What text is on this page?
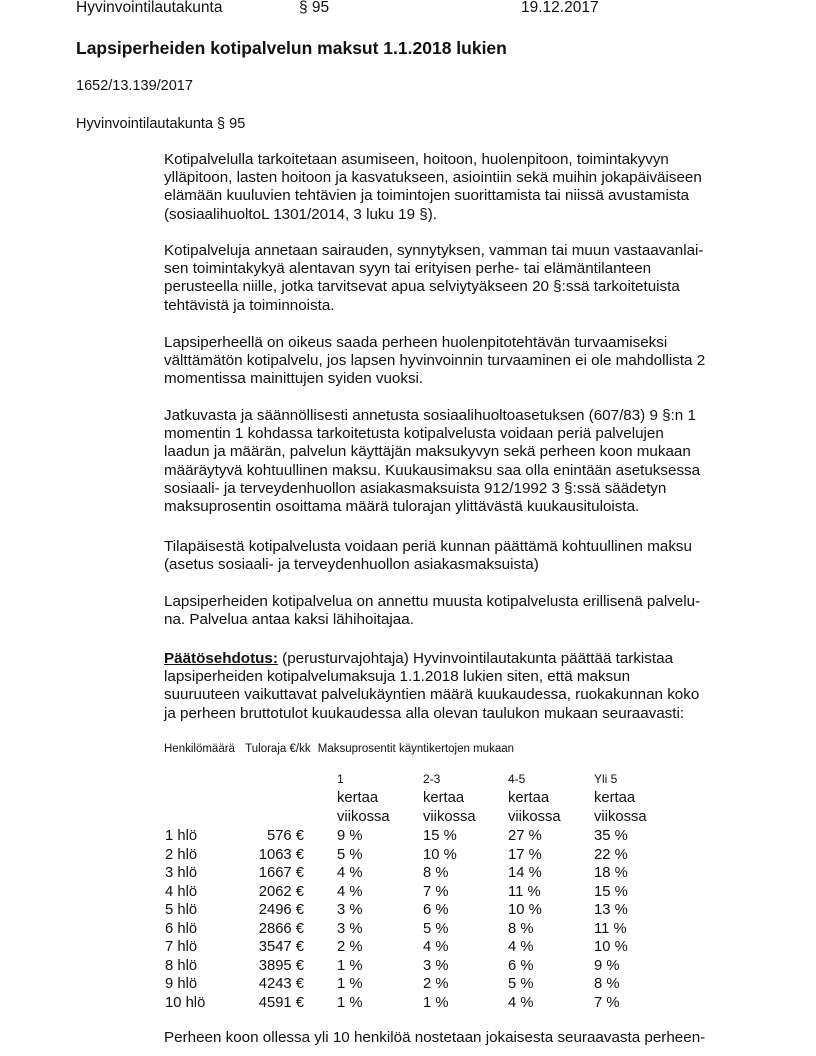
Hyvinvointilautakunta	§ 95	19.12.2017
Lapsiperheiden kotipalvelun maksut 1.1.2018 lukien
1652/13.139/2017
Hyvinvointilautakunta § 95

Kotipalvelulla tarkoitetaan asumiseen, hoitoon, huolenpitoon, toimintakyvyn
ylläpitoon, lasten hoitoon ja kasvatukseen, asiointiin sekä muihin jokapäiväiseen
elämään kuuluvien tehtävien ja toimintojen suorittamista tai niissä avustamista
(sosiaalihuoltoL 1301/2014, 3 luku 19 §).

Kotipalveluja annetaan sairauden, synnytyksen, vamman tai muun vastaavanlai-
sen toimintakykyä alentavan syyn tai erityisen perhe- tai elämäntilanteen
perusteella niille, jotka tarvitsevat apua selviytyäkseen 20 §:ssä tarkoitetuista
tehtävistä ja toiminnoista.

Lapsiperheellä on oikeus saada perheen huolenpitotehtävän turvaamiseksi
välttämätön kotipalvelu, jos lapsen hyvinvoinnin turvaaminen ei ole mahdollista 2
momentissa mainittujen syiden vuoksi.

Jatkuvasta ja säännöllisesti annetusta sosiaalihuoltoasetuksen (607/83) 9 §:n 1
momentin 1 kohdassa tarkoitetusta kotipalvelusta voidaan periä palvelujen
laadun ja määrän, palvelun käyttäjän maksukyvyn sekä perheen koon mukaan
määräytyvä kohtuullinen maksu. Kuukausimaksu saa olla enintään asetuksessa
sosiaali- ja terveydenhuollon asiakasmaksuista 912/1992 3 §:ssä säädetyn
maksuprosentin osoittama määrä tulorajan ylittävästä kuukausituloista.

Tilapäisestä kotipalvelusta voidaan periä kunnan päättämä kohtuullinen maksu
(asetus sosiaali- ja terveydenhuollon asiakasmaksuista)

Lapsiperheiden kotipalvelua on annettu muusta kotipalvelusta erillisenä palvelu-
na. Palvelua antaa kaksi lähihoitajaa.

Päätösehdotus: (perusturvajohtaja) Hyvinvointilautakunta päättää tarkistaa
lapsiperheiden kotipalvelumaksuja 1.1.2018 lukien siten, että maksun
suuruuteen vaikuttavat palvelukäyntien määrä kuukaudessa, ruokakunnan koko
ja perheen bruttotulot kuukaudessa alla olevan taulukon mukaan seuraavasti:

Henkilömäärä Tuloraja €/kk Maksuprosentit käyntikertojen mukaan
1
kertaa
viikossa
2-3
kertaa
viikossa
4-5
kertaa
viikossa
Yli 5
kertaa
viikossa
1 hlö	576 € 9 %	15 %	27 %	35 %
2 hlö	1063 € 5 %	10 %	17 %	22 %
3 hlö	1667 € 4 %	8 %	14 %	18 %
4 hlö	2062 € 4 %	7 %	11 %	15 %
5 hlö	2496 € 3 %	6 %	10 %	13 %
6 hlö	2866 € 3 %	5 %	8 %	11 %
7 hlö	3547 € 2 %	4 %	4 %	10 %
8 hlö	3895 € 1 %	3 %	6 %	9 %
9 hlö	4243 € 1 %	2 %	5 %	8 %
10 hlö	4591 € 1 %	1 %	4 %	7 %
Perheen koon ollessa yli 10 henkilöä nostetaan jokaisesta seuraavasta perheen-
